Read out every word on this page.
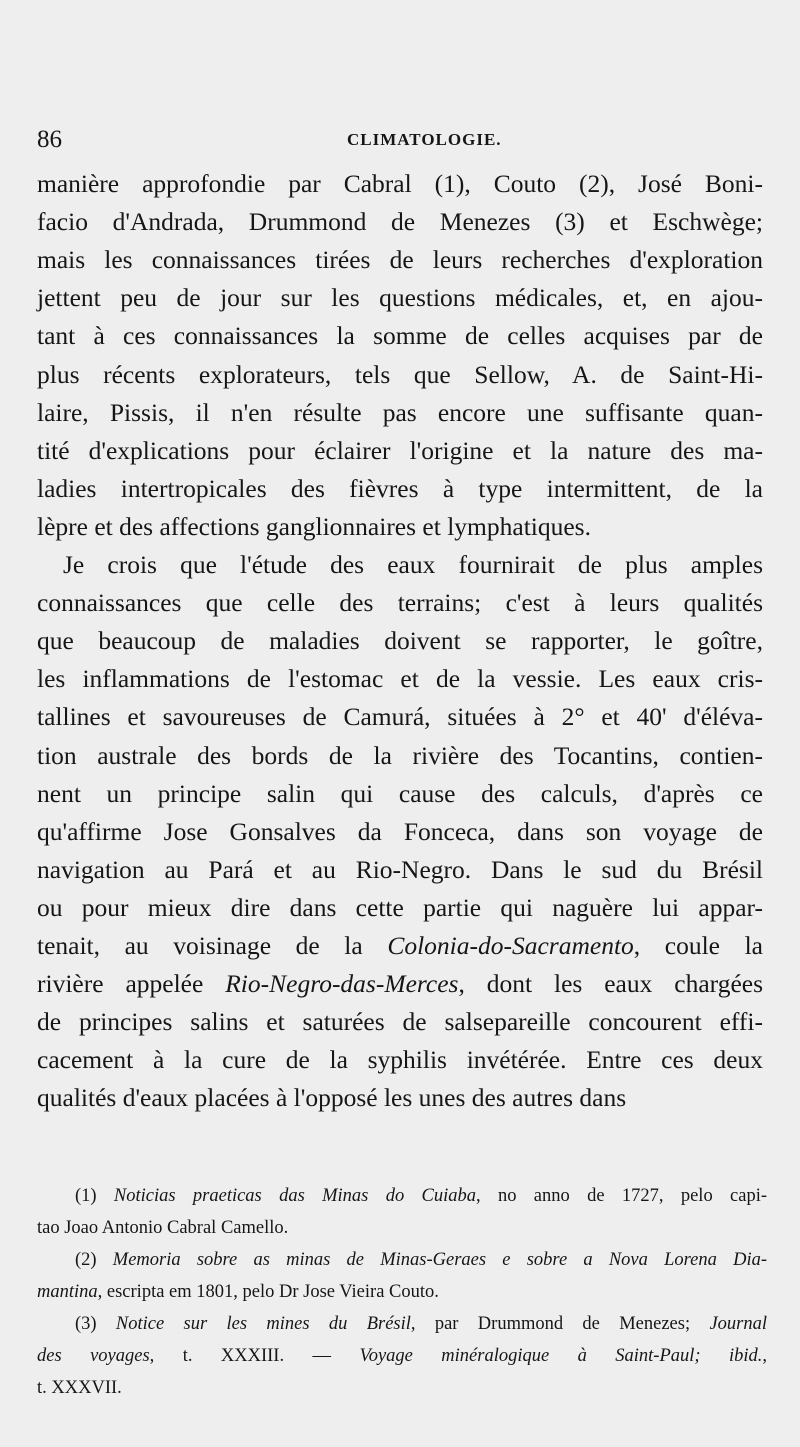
86	CLIMATOLOGIE.
manière approfondie par Cabral (1), Couto (2), José Boni-
facio d'Andrada, Drummond de Menezes (3) et Eschwège;
mais les connaissances tirées de leurs recherches d'exploration
jettent peu de jour sur les questions médicales, et, en ajou-
tant à ces connaissances la somme de celles acquises par de
plus récents explorateurs, tels que Sellow, A. de Saint-Hi-
laire, Pissis, il n'en résulte pas encore une suffisante quan-
tité d'explications pour éclairer l'origine et la nature des ma-
ladies intertropicales des fièvres à type intermittent, de la
lèpre et des affections ganglionnaires et lymphatiques.
Je crois que l'étude des eaux fournirait de plus amples
connaissances que celle des terrains; c'est à leurs qualités
que beaucoup de maladies doivent se rapporter, le goître,
les inflammations de l'estomac et de la vessie. Les eaux cris-
tallines et savoureuses de Camurá, situées à 2° et 40' d'éléva-
tion australe des bords de la rivière des Tocantins, contien-
nent un principe salin qui cause des calculs, d'après ce
qu'affirme Jose Gonsalves da Fonceca, dans son voyage de
navigation au Pará et au Rio-Negro. Dans le sud du Brésil
ou pour mieux dire dans cette partie qui naguère lui appar-
tenait, au voisinage de la Colonia-do-Sacramento, coule la
rivière appelée Rio-Negro-das-Merces, dont les eaux chargées
de principes salins et saturées de salsepareille concourent effi-
cacement à la cure de la syphilis invétérée. Entre ces deux
qualités d'eaux placées à l'opposé les unes des autres dans
(1) Noticias praeticas das Minas do Cuiaba, no anno de 1727, pelo capi-
tao Joao Antonio Cabral Camello.
(2) Memoria sobre as minas de Minas-Geraes e sobre a Nova Lorena Dia-
mantina, escripta em 1801, pelo Dr Jose Vieira Couto.
(3) Notice sur les mines du Brésil, par Drummond de Menezes; Journal
des voyages, t. XXXIII. — Voyage minéralogique à Saint-Paul; ibid.,
t. XXXVII.
